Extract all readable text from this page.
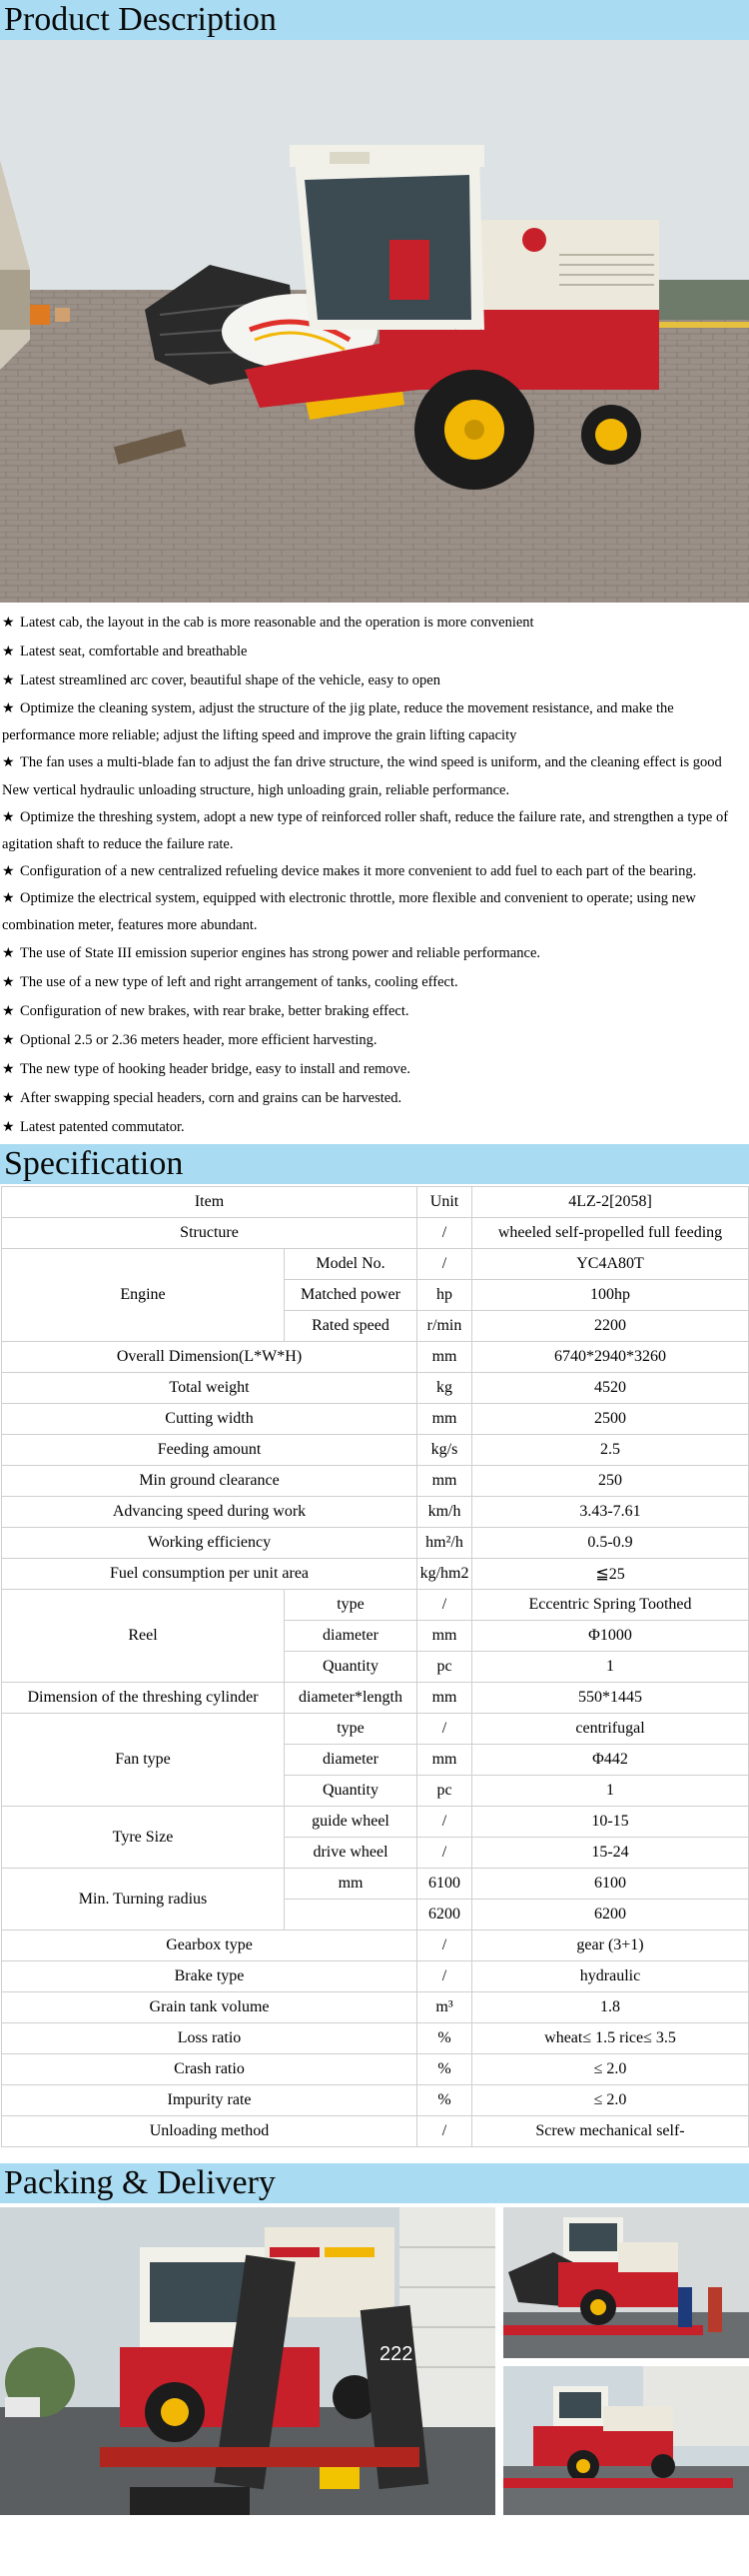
Product Description

★ Latest cab, the layout in the cab is more reasonable and the operation is more convenient

★ Latest seat, comfortable and breathable

★ Latest streamlined arc cover, beautiful shape of the vehicle, easy to open

★ Optimize the cleaning system, adjust the structure of the jig plate, reduce the movement resistance, and make the performance more reliable; adjust the lifting speed and improve the grain lifting capacity

★ The fan uses a multi-blade fan to adjust the fan drive structure, the wind speed is uniform, and the cleaning effect is good

New vertical hydraulic unloading structure, high unloading grain, reliable performance.

★ Optimize the threshing system, adopt a new type of reinforced roller shaft, reduce the failure rate, and strengthen a type of agitation shaft to reduce the failure rate.

★ Configuration of a new centralized refueling device makes it more convenient to add fuel to each part of the bearing.

★ Optimize the electrical system, equipped with electronic throttle, more flexible and convenient to operate; using new combination meter, features more abundant.

★ The use of State III emission superior engines has strong power and reliable performance.

★ The use of a new type of left and right arrangement of tanks, cooling effect.

★ Configuration of new brakes, with rear brake, better braking effect.

★ Optional 2.5 or 2.36 meters header, more efficient harvesting.

★ The new type of hooking header bridge, easy to install and remove.

★ After swapping special headers, corn and grains can be harvested.

★ Latest patented commutator.

Specification
Item		Unit	4LZ-2[2058]
Structure		/	wheeled self-propelled full feeding
Engine	Model No.	/	YC4A80T
	Matched power	hp	100hp
	Rated speed	r/min	2200
Overall Dimension(L*W*H)		mm	6740*2940*3260
Total weight		kg	4520
Cutting width		mm	2500
Feeding amount		kg/s	2.5
Min ground clearance		mm	250
Advancing speed during work		km/h	3.43-7.61
Working efficiency		hm²/h	0.5-0.9
Fuel consumption per unit area		kg/hm2	≦25
Reel	type	/	Eccentric Spring Toothed
	diameter	mm	Φ1000
	Quantity	pc	1
Dimension of the threshing cylinder	diameter*length	mm	550*1445
Fan type	type	/	centrifugal
	diameter	mm	Φ442
	Quantity	pc	1
Tyre Size	guide wheel	/	10-15
	drive wheel	/	15-24
Min. Turning radius	mm	6100	6100
		6200	6200
Gearbox type		/	gear (3+1)
Brake type		/	hydraulic
Grain tank volume		m³	1.8
Loss ratio		%	wheat≤ 1.5 rice≤ 3.5
Crash ratio		%	≤ 2.0
Impurity rate		%	≤ 2.0
Unloading method		/	Screw mechanical self-
Packing & Delivery
222
